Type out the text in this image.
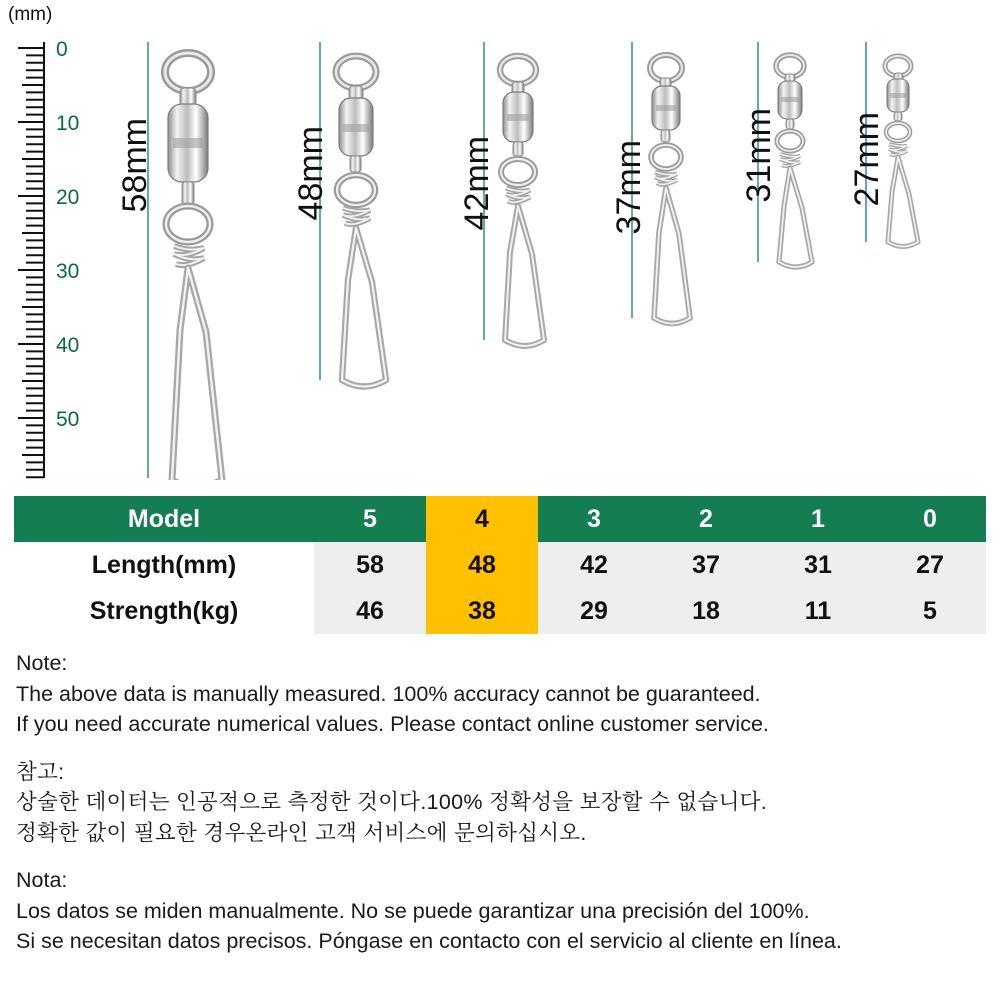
(mm)
0
10
20
30
40
50
58mm	48mm	42mm	37mm	31mm 27mm
Model	5	4	3	2	1	0
Length(mm)	58	48	42	37	31	27
Strength(kg)	46	38	29	18	11	5
Note:
The above data is manually measured. 100% accuracy cannot be guaranteed.
If you need accurate numerical values. Please contact online customer service.
참고:
상술한 데이터는 인공적으로 측정한 것이다.100% 정확성을 보장할 수 없습니다.
정확한 값이 필요한 경우온라인 고객 서비스에 문의하십시오.
Nota:
Los datos se miden manualmente. No se puede garantizar una precisión del 100%.
Si se necesitan datos precisos. Póngase en contacto con el servicio al cliente en línea.
